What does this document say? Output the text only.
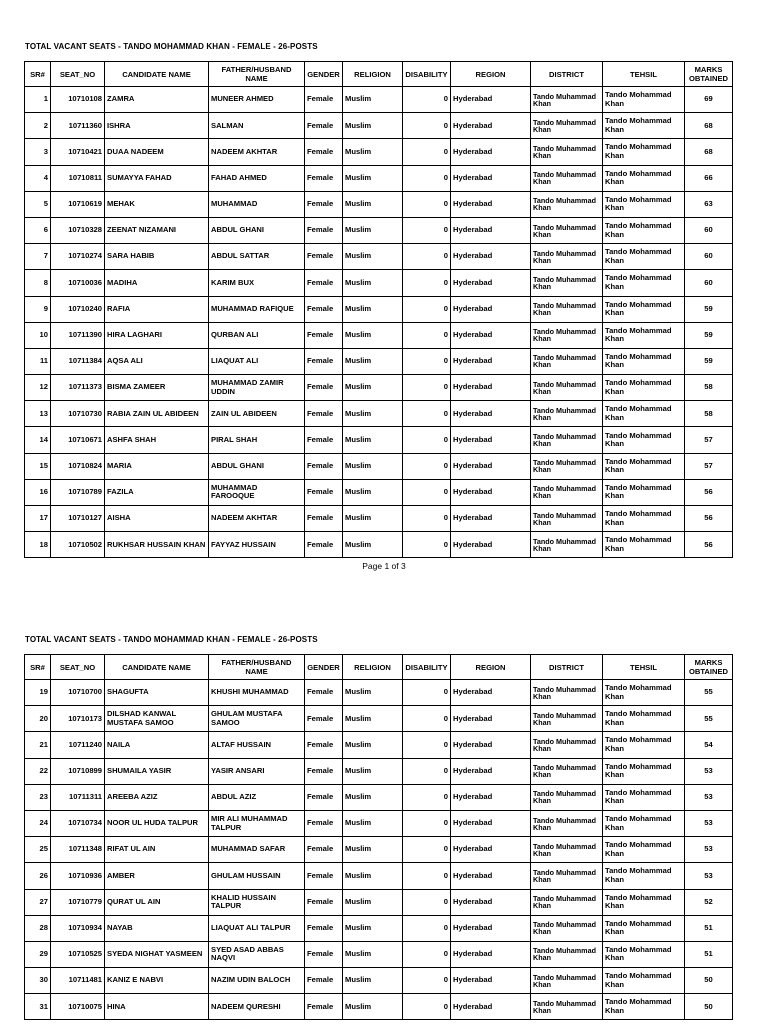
TOTAL VACANT SEATS - TANDO MOHAMMAD KHAN - FEMALE - 26-POSTS
SR#	SEAT_NO	CANDIDATE NAME	FATHER/HUSBAND NAME	GENDER	RELIGION	DISABILITY	REGION	DISTRICT	TEHSIL	MARKS OBTAINED
1	10710108	ZAMRA	MUNEER AHMED	Female	Muslim	0	Hyderabad	Tando Muhammad Khan	Tando Mohammad Khan	69
2	10711360	ISHRA	SALMAN	Female	Muslim	0	Hyderabad	Tando Muhammad Khan	Tando Mohammad Khan	68
3	10710421	DUAA NADEEM	NADEEM AKHTAR	Female	Muslim	0	Hyderabad	Tando Muhammad Khan	Tando Mohammad Khan	68
4	10710811	SUMAYYA FAHAD	FAHAD AHMED	Female	Muslim	0	Hyderabad	Tando Muhammad Khan	Tando Mohammad Khan	66
5	10710619	MEHAK	MUHAMMAD	Female	Muslim	0	Hyderabad	Tando Muhammad Khan	Tando Mohammad Khan	63
6	10710328	ZEENAT NIZAMANI	ABDUL GHANI	Female	Muslim	0	Hyderabad	Tando Muhammad Khan	Tando Mohammad Khan	60
7	10710274	SARA HABIB	ABDUL SATTAR	Female	Muslim	0	Hyderabad	Tando Muhammad Khan	Tando Mohammad Khan	60
8	10710036	MADIHA	KARIM BUX	Female	Muslim	0	Hyderabad	Tando Muhammad Khan	Tando Mohammad Khan	60
9	10710240	RAFIA	MUHAMMAD RAFIQUE	Female	Muslim	0	Hyderabad	Tando Muhammad Khan	Tando Mohammad Khan	59
10	10711390	HIRA LAGHARI	QURBAN ALI	Female	Muslim	0	Hyderabad	Tando Muhammad Khan	Tando Mohammad Khan	59
11	10711384	AQSA ALI	LIAQUAT ALI	Female	Muslim	0	Hyderabad	Tando Muhammad Khan	Tando Mohammad Khan	59
12	10711373	BISMA ZAMEER	MUHAMMAD ZAMIR UDDIN	Female	Muslim	0	Hyderabad	Tando Muhammad Khan	Tando Mohammad Khan	58
13	10710730	RABIA ZAIN UL ABIDEEN	ZAIN UL ABIDEEN	Female	Muslim	0	Hyderabad	Tando Muhammad Khan	Tando Mohammad Khan	58
14	10710671	ASHFA SHAH	PIRAL SHAH	Female	Muslim	0	Hyderabad	Tando Muhammad Khan	Tando Mohammad Khan	57
15	10710824	MARIA	ABDUL GHANI	Female	Muslim	0	Hyderabad	Tando Muhammad Khan	Tando Mohammad Khan	57
16	10710789	FAZILA	MUHAMMAD FAROOQUE	Female	Muslim	0	Hyderabad	Tando Muhammad Khan	Tando Mohammad Khan	56
17	10710127	AISHA	NADEEM AKHTAR	Female	Muslim	0	Hyderabad	Tando Muhammad Khan	Tando Mohammad Khan	56
18	10710502	RUKHSAR HUSSAIN KHAN	FAYYAZ HUSSAIN	Female	Muslim	0	Hyderabad	Tando Muhammad Khan	Tando Mohammad Khan	56
Page 1 of 3
TOTAL VACANT SEATS - TANDO MOHAMMAD KHAN - FEMALE - 26-POSTS
SR#	SEAT_NO	CANDIDATE NAME	FATHER/HUSBAND NAME	GENDER	RELIGION	DISABILITY	REGION	DISTRICT	TEHSIL	MARKS OBTAINED
19	10710700	SHAGUFTA	KHUSHI MUHAMMAD	Female	Muslim	0	Hyderabad	Tando Muhammad Khan	Tando Mohammad Khan	55
20	10710173	DILSHAD KANWAL MUSTAFA SAMOO	GHULAM MUSTAFA SAMOO	Female	Muslim	0	Hyderabad	Tando Muhammad Khan	Tando Mohammad Khan	55
21	10711240	NAILA	ALTAF HUSSAIN	Female	Muslim	0	Hyderabad	Tando Muhammad Khan	Tando Mohammad Khan	54
22	10710899	SHUMAILA YASIR	YASIR ANSARI	Female	Muslim	0	Hyderabad	Tando Muhammad Khan	Tando Mohammad Khan	53
23	10711311	AREEBA AZIZ	ABDUL AZIZ	Female	Muslim	0	Hyderabad	Tando Muhammad Khan	Tando Mohammad Khan	53
24	10710734	NOOR UL HUDA TALPUR	MIR ALI MUHAMMAD TALPUR	Female	Muslim	0	Hyderabad	Tando Muhammad Khan	Tando Mohammad Khan	53
25	10711348	RIFAT UL AIN	MUHAMMAD SAFAR	Female	Muslim	0	Hyderabad	Tando Muhammad Khan	Tando Mohammad Khan	53
26	10710936	AMBER	GHULAM HUSSAIN	Female	Muslim	0	Hyderabad	Tando Muhammad Khan	Tando Mohammad Khan	53
27	10710779	QURAT UL AIN	KHALID HUSSAIN TALPUR	Female	Muslim	0	Hyderabad	Tando Muhammad Khan	Tando Mohammad Khan	52
28	10710934	NAYAB	LIAQUAT ALI TALPUR	Female	Muslim	0	Hyderabad	Tando Muhammad Khan	Tando Mohammad Khan	51
29	10710525	SYEDA NIGHAT YASMEEN	SYED ASAD ABBAS NAQVI	Female	Muslim	0	Hyderabad	Tando Muhammad Khan	Tando Mohammad Khan	51
30	10711481	KANIZ E NABVI	NAZIM UDIN BALOCH	Female	Muslim	0	Hyderabad	Tando Muhammad Khan	Tando Mohammad Khan	50
31	10710075	HINA	NADEEM QURESHI	Female	Muslim	0	Hyderabad	Tando Muhammad Khan	Tando Mohammad Khan	50
